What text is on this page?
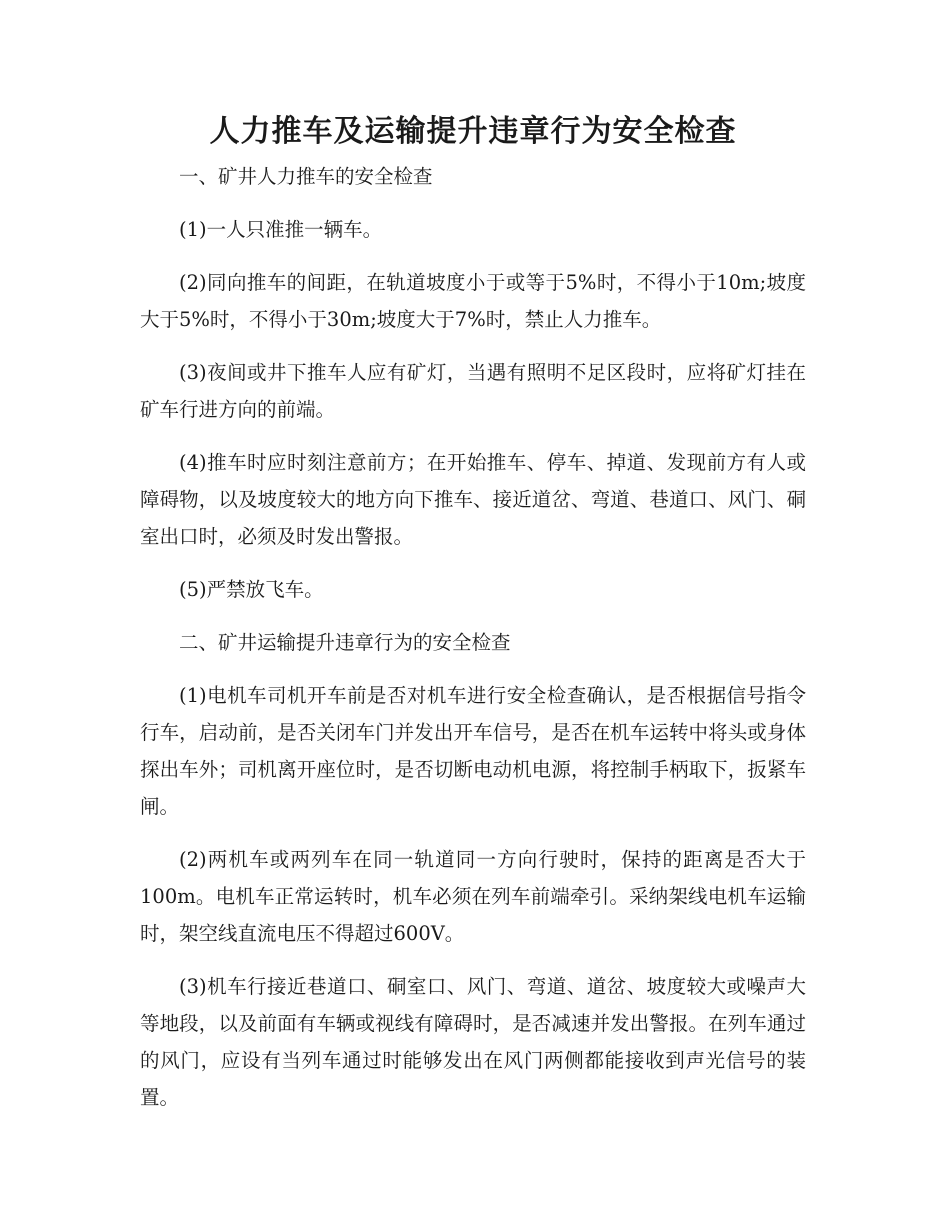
人力推车及运输提升违章行为安全检查

一、矿井人力推车的安全检查

(1)一人只准推一辆车。

(2)同向推车的间距，在轨道坡度小于或等于5%时，不得小于10m;坡度大于5%时，不得小于30m;坡度大于7%时，禁止人力推车。

(3)夜间或井下推车人应有矿灯，当遇有照明不足区段时，应将矿灯挂在矿车行进方向的前端。

(4)推车时应时刻注意前方；在开始推车、停车、掉道、发现前方有人或障碍物，以及坡度较大的地方向下推车、接近道岔、弯道、巷道口、风门、硐室出口时，必须及时发出警报。

(5)严禁放飞车。

二、矿井运输提升违章行为的安全检查

(1)电机车司机开车前是否对机车进行安全检查确认，是否根据信号指令行车，启动前，是否关闭车门并发出开车信号，是否在机车运转中将头或身体探出车外；司机离开座位时，是否切断电动机电源，将控制手柄取下，扳紧车闸。

(2)两机车或两列车在同一轨道同一方向行驶时，保持的距离是否大于100m。电机车正常运转时，机车必须在列车前端牵引。采纳架线电机车运输时，架空线直流电压不得超过600V。

(3)机车行接近巷道口、硐室口、风门、弯道、道岔、坡度较大或噪声大等地段，以及前面有车辆或视线有障碍时，是否减速并发出警报。在列车通过的风门，应设有当列车通过时能够发出在风门两侧都能接收到声光信号的装置。
